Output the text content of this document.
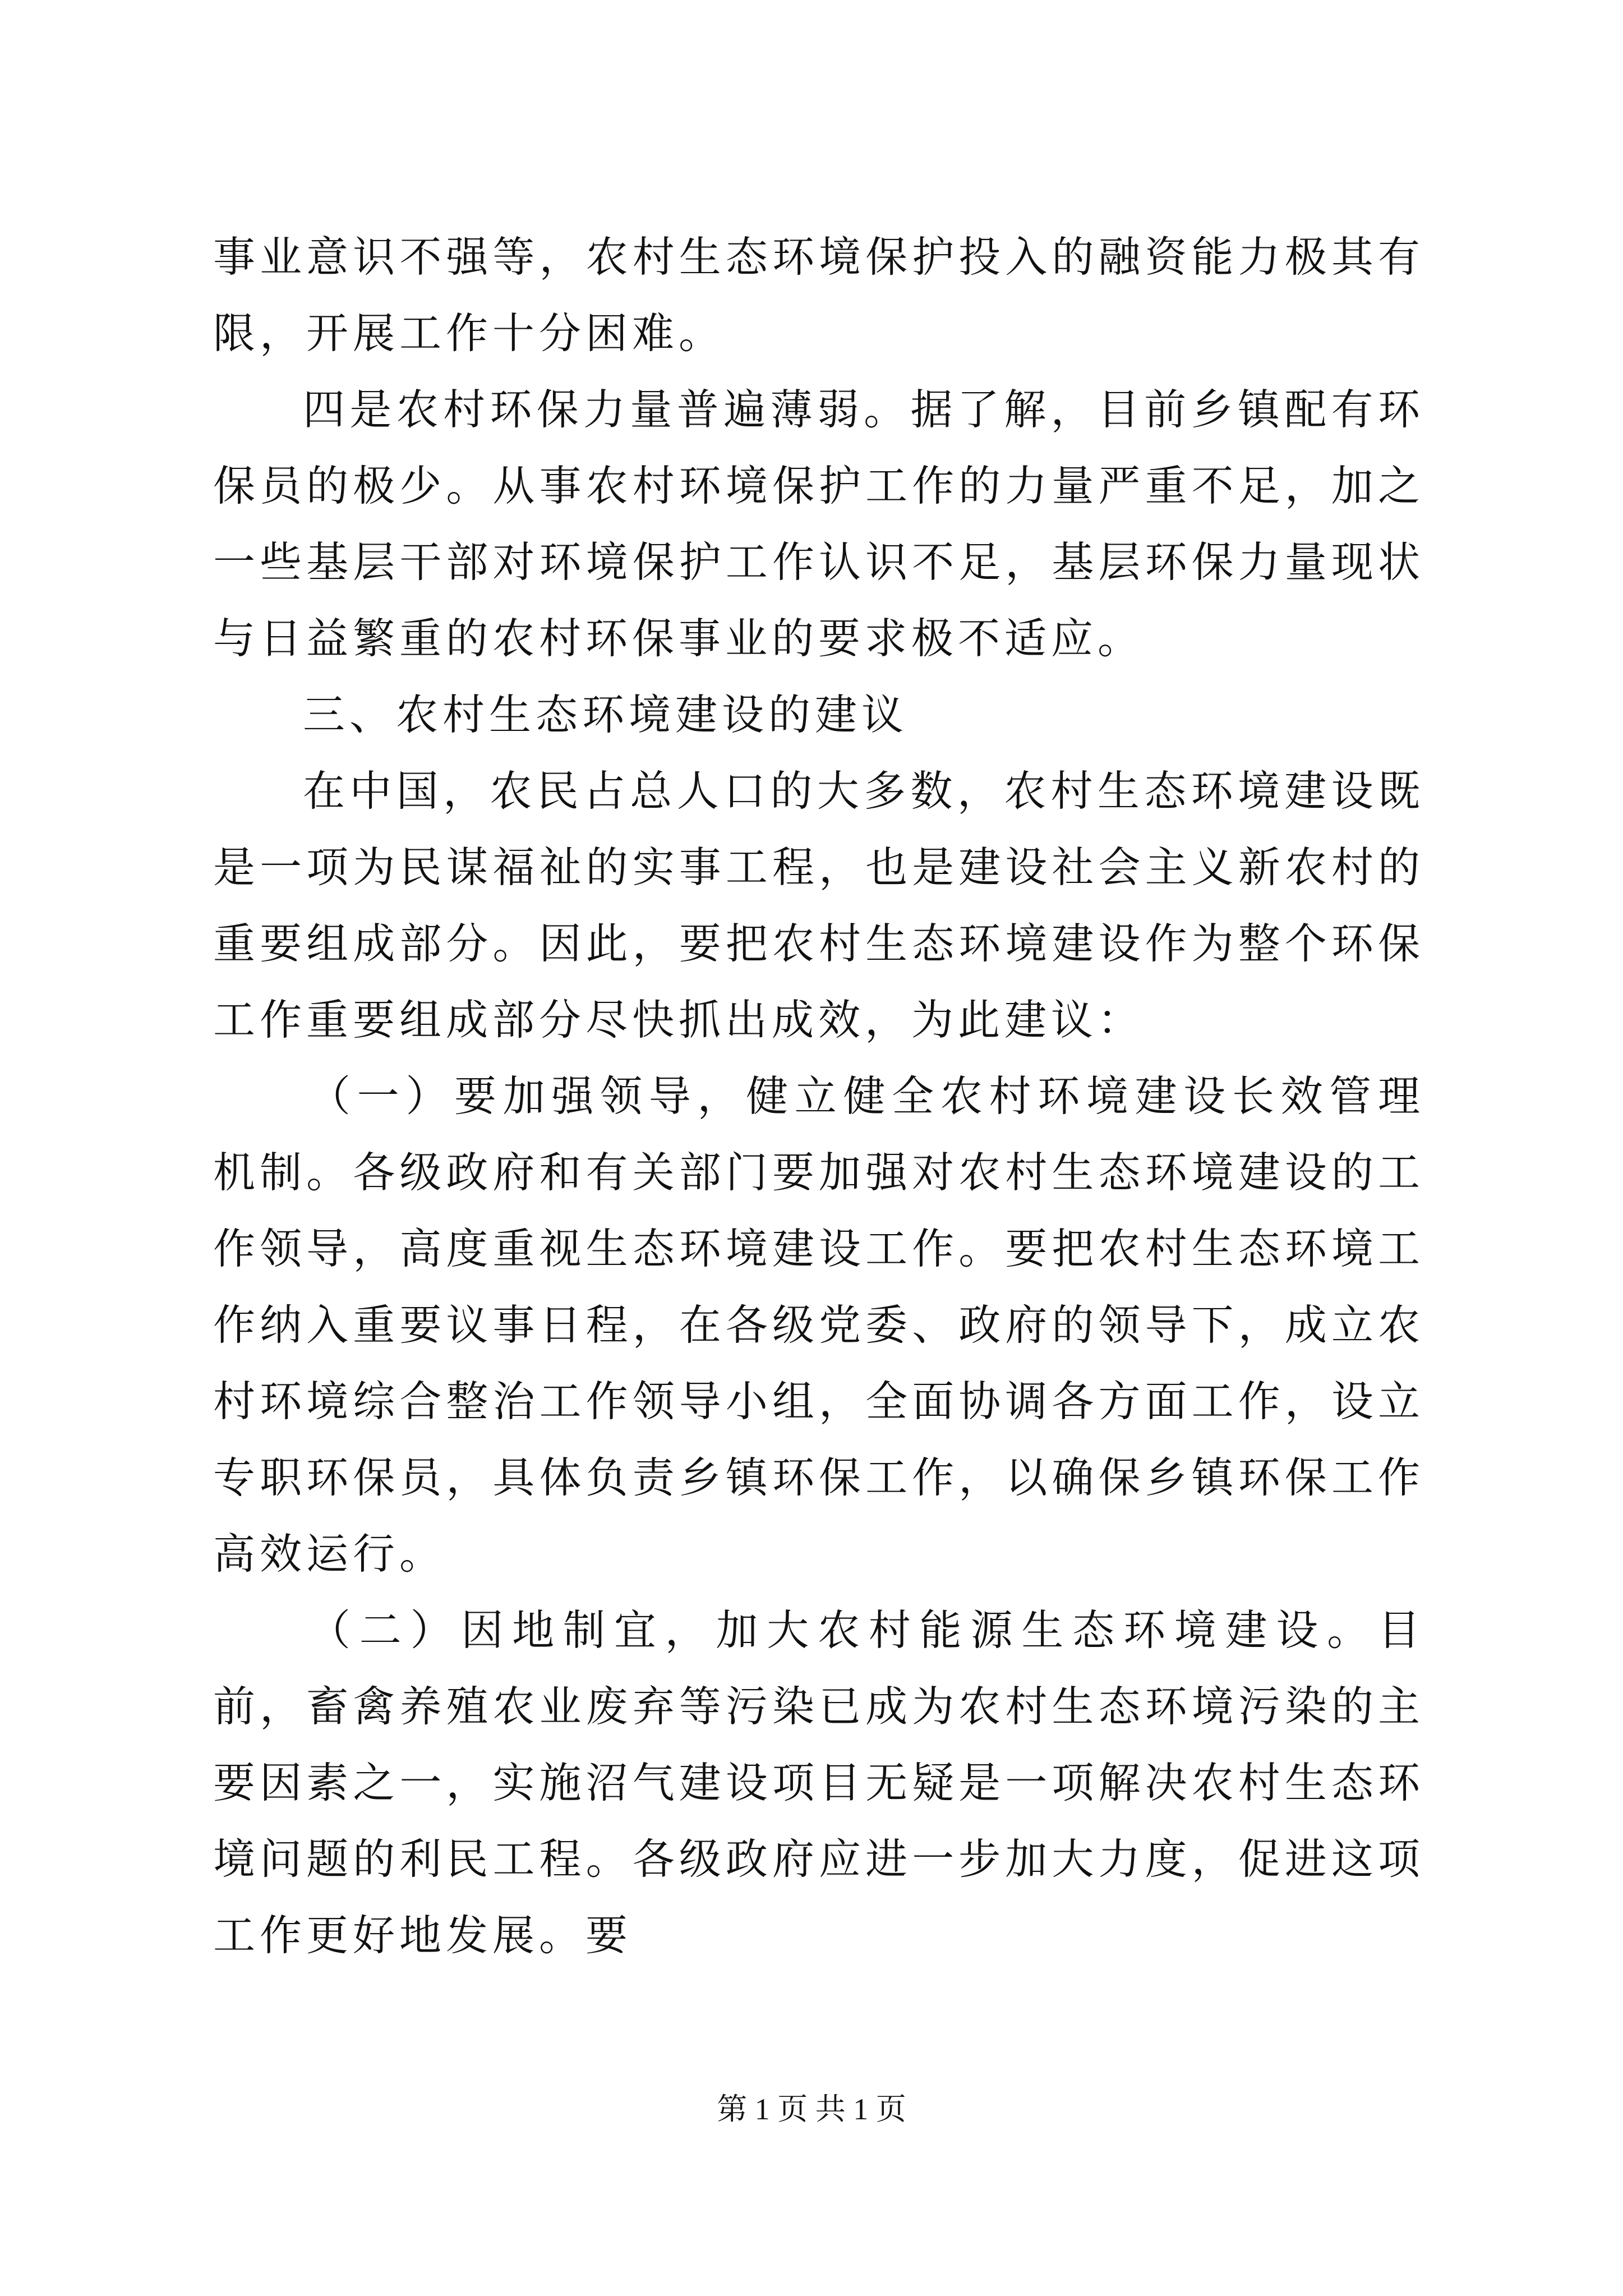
事业意识不强等，农村生态环境保护投入的融资能力极其有限，开展工作十分困难。

四是农村环保力量普遍薄弱。据了解，目前乡镇配有环保员的极少。从事农村环境保护工作的力量严重不足，加之一些基层干部对环境保护工作认识不足，基层环保力量现状与日益繁重的农村环保事业的要求极不适应。

三、农村生态环境建设的建议

在中国，农民占总人口的大多数，农村生态环境建设既是一项为民谋福祉的实事工程，也是建设社会主义新农村的重要组成部分。因此，要把农村生态环境建设作为整个环保工作重要组成部分尽快抓出成效，为此建议：

（一）要加强领导，健立健全农村环境建设长效管理机制。各级政府和有关部门要加强对农村生态环境建设的工作领导，高度重视生态环境建设工作。要把农村生态环境工作纳入重要议事日程，在各级党委、政府的领导下，成立农村环境综合整治工作领导小组，全面协调各方面工作，设立专职环保员，具体负责乡镇环保工作，以确保乡镇环保工作高效运行。

（二）因地制宜，加大农村能源生态环境建设。目前，畜禽养殖农业废弃等污染已成为农村生态环境污染的主要因素之一，实施沼气建设项目无疑是一项解决农村生态环境问题的利民工程。各级政府应进一步加大力度，促进这项工作更好地发展。要

第 1 页 共 1 页
